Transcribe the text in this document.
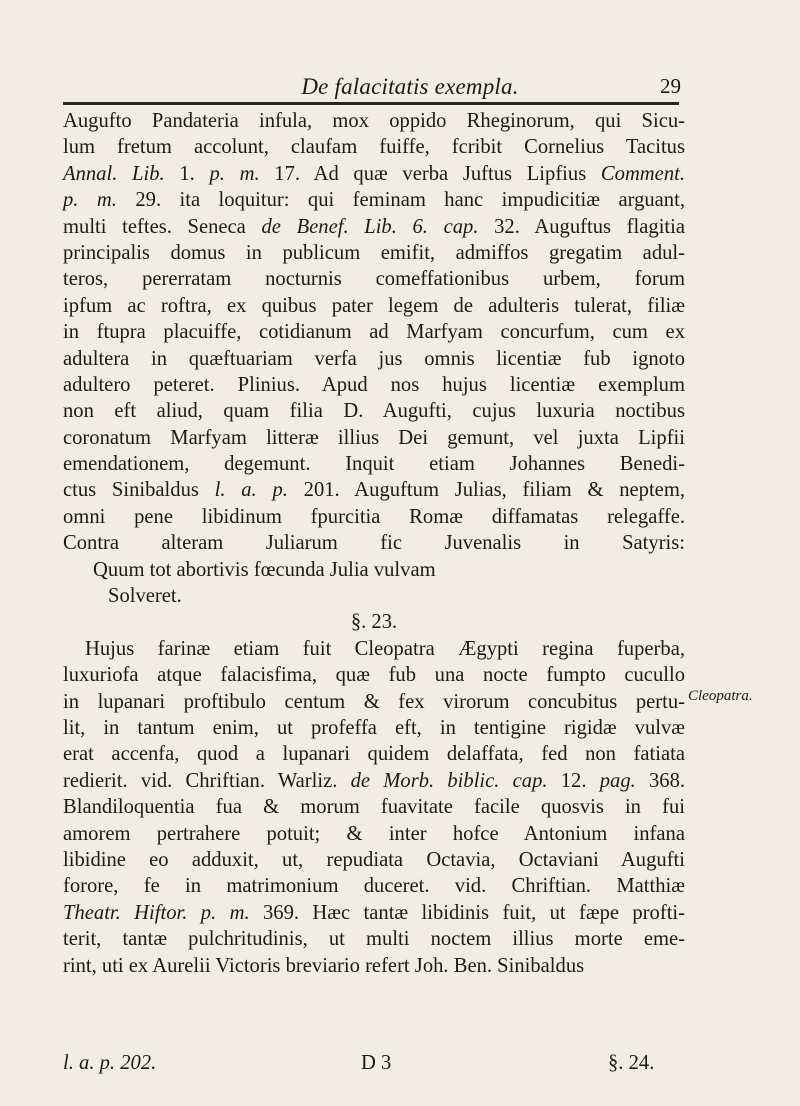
De falacitatis exempla.	29
Augufto Pandateria infula, mox oppido Rheginorum, qui Sicu-
lum fretum accolunt, claufam fuiffe, fcribit Cornelius Tacitus
Annal. Lib. 1. p. m. 17. Ad quæ verba Juftus Lipfius Comment.
p. m. 29. ita loquitur: qui feminam hanc impudicitiæ arguant,
multi teftes. Seneca de Benef. Lib. 6. cap. 32. Auguftus flagitia
principalis domus in publicum emifit, admiffos gregatim adul-
teros, pererratam nocturnis comeffationibus urbem, forum
ipfum ac roftra, ex quibus pater legem de adulteris tulerat, filiæ
in ftupra placuiffe, cotidianum ad Marfyam concurfum, cum ex
adultera in quæftuariam verfa jus omnis licentiæ fub ignoto
adultero peteret. Plinius. Apud nos hujus licentiæ exemplum
non eft aliud, quam filia D. Augufti, cujus luxuria noctibus
coronatum Marfyam litteræ illius Dei gemunt, vel juxta Lipfii
emendationem, degemunt. Inquit etiam Johannes Benedi-
ctus Sinibaldus l. a. p. 201. Auguftum Julias, filiam & neptem,
omni pene libidinum fpurcitia Romæ diffamatas relegaffe.
Contra alteram Juliarum fic Juvenalis in Satyris:
Quum tot abortivis fœcunda Julia vulvam
Solveret.
§. 23.
Hujus farinæ etiam fuit Cleopatra Ægypti regina fuperba,
luxuriofa atque falacisfima, quæ fub una nocte fumpto cucullo
in lupanari proftibulo centum & fex virorum concubitus pertu-
lit, in tantum enim, ut profeffa eft, in tentigine rigidæ vulvæ
erat accenfa, quod a lupanari quidem delaffata, fed non fatiata
redierit. vid. Chriftian. Warliz. de Morb. biblic. cap. 12. pag. 368.
Blandiloquentia fua & morum fuavitate facile quosvis in fui
amorem pertrahere potuit; & inter hofce Antonium infana
libidine eo adduxit, ut, repudiata Octavia, Octaviani Augufti
forore, fe in matrimonium duceret. vid. Chriftian. Matthiæ
Theatr. Hiftor. p. m. 369. Hæc tantæ libidinis fuit, ut fæpe profti-
terit, tantæ pulchritudinis, ut multi noctem illius morte eme-
rint, uti ex Aurelii Victoris breviario refert Joh. Ben. Sinibaldus
Cleopatra.
l. a. p. 202.	D 3	§. 24.
